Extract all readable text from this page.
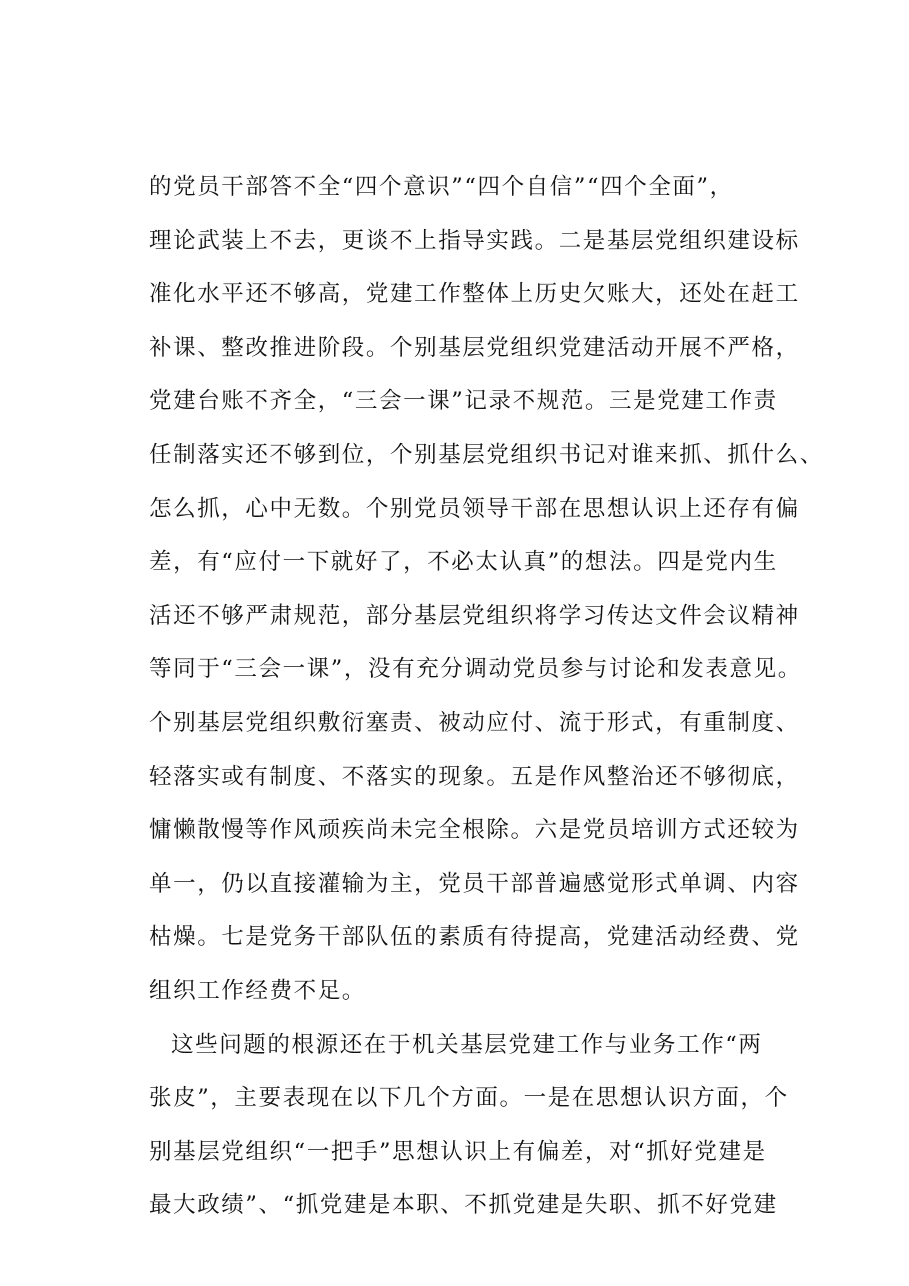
的党员干部答不全“四个意识”“四个自信”“四个全面”，
理论武装上不去，更谈不上指导实践。二是基层党组织建设标
准化水平还不够高，党建工作整体上历史欠账大，还处在赶工
补课、整改推进阶段。个别基层党组织党建活动开展不严格，
党建台账不齐全，“三会一课”记录不规范。三是党建工作责
任制落实还不够到位，个别基层党组织书记对谁来抓、抓什么、
怎么抓，心中无数。个别党员领导干部在思想认识上还存有偏
差，有“应付一下就好了，不必太认真”的想法。四是党内生
活还不够严肃规范，部分基层党组织将学习传达文件会议精神
等同于“三会一课”，没有充分调动党员参与讨论和发表意见。
个别基层党组织敷衍塞责、被动应付、流于形式，有重制度、
轻落实或有制度、不落实的现象。五是作风整治还不够彻底，
慵懒散慢等作风顽疾尚未完全根除。六是党员培训方式还较为
单一，仍以直接灌输为主，党员干部普遍感觉形式单调、内容
枯燥。七是党务干部队伍的素质有待提高，党建活动经费、党
组织工作经费不足。
这些问题的根源还在于机关基层党建工作与业务工作“两
张皮”，主要表现在以下几个方面。一是在思想认识方面，个
别基层党组织“一把手”思想认识上有偏差，对“抓好党建是
最大政绩”、“抓党建是本职、不抓党建是失职、抓不好党建
